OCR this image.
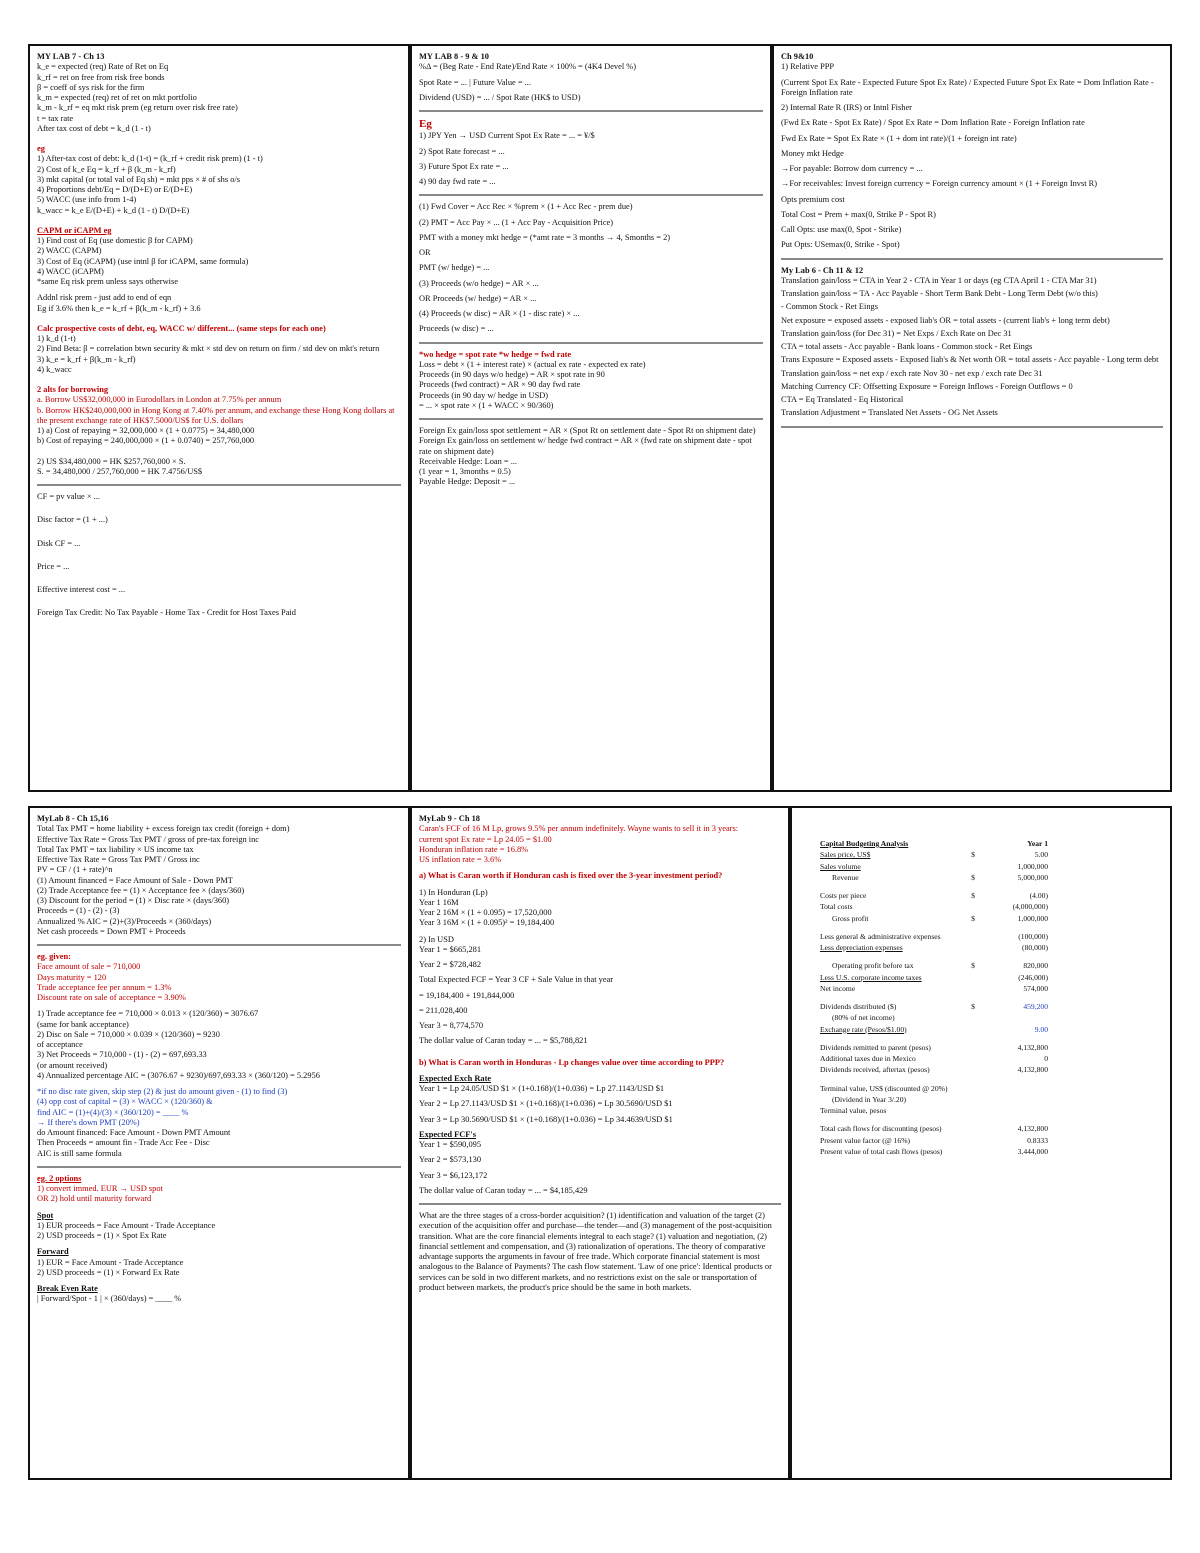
MY LAB 7 - Ch 13

k_e = expected (req) Rate of Ret on Eq

k_rf = ret on free from risk free bonds

β = coeff of sys risk for the firm

k_m = expected (req) ret of ret on mkt portfolio

k_m - k_rf = eq mkt risk prem (eg return over risk free rate)

t = tax rate

After tax cost of debt = k_d (1 - t)

eg

1) After-tax cost of debt: k_d (1-t) = (k_rf + credit risk prem) (1 - t)

2) Cost of k_e Eq = k_rf + β (k_m - k_rf)

3) mkt capital (or total val of Eq sh) = mkt pps × # of shs o/s

4) Proportions debt/Eq = D/(D+E) or E/(D+E)

5) WACC (use info from 1-4)

k_wacc = k_e E/(D+E) + k_d (1 - t) D/(D+E)

CAPM or iCAPM eg

1) Find cost of Eq (use domestic β for CAPM)

2) WACC (CAPM)

3) Cost of Eq (iCAPM) (use intnl β for iCAPM, same formula)

4) WACC (iCAPM)

*same Eq risk prem unless says otherwise

Addnl risk prem - just add to end of eqn

Eg if 3.6% then k_e = k_rf + β(k_m - k_rf) + 3.6

Calc prospective costs of debt, eq, WACC w/ different... (same steps for each one)

1) k_d (1-t)

2) Find Beta: β = correlation btwn security & mkt × std dev on return on firm / std dev on mkt's return

3) k_e = k_rf + β(k_m - k_rf)

4) k_wacc

2 alts for borrowing

a. Borrow US$32,000,000 in Eurodollars in London at 7.75% per annum

b. Borrow HK$240,000,000 in Hong Kong at 7.40% per annum, and exchange these Hong Kong dollars at the present exchange rate of HK$7.5000/US$ for U.S. dollars

1) a) Cost of repaying = 32,000,000 × (1 + 0.0775) = 34,480,000

b) Cost of repaying = 240,000,000 × (1 + 0.0740) = 257,760,000

2) US $34,480,000 = HK $257,760,000 × S.

S. = 34,480,000 / 257,760,000 = HK 7.4756/US$

CF = pv value × ...

Disc factor = (1 + ...)

Disk CF = ...

Price = ...

Effective interest cost = ...

Foreign Tax Credit: No Tax Payable - Home Tax - Credit for Host Taxes Paid

MY LAB 8 - 9 & 10

%Δ = (Beg Rate - End Rate)/End Rate × 100% = (4K4 Devel %)

Spot Rate = ... | Future Value = ...

Dividend (USD) = ... / Spot Rate (HK$ to USD)

Eg

1) JPY Yen → USD Current Spot Ex Rate = ... = ¥/$

2) Spot Rate forecast = ...

3) Future Spot Ex rate = ...

4) 90 day fwd rate = ...

(1) Fwd Cover = Acc Rec × %prem × (1 + Acc Rec - prem due)

(2) PMT = Acc Pay × ... (1 + Acc Pay - Acquisition Price)

PMT with a money mkt hedge = (*amt rate = 3 months → 4, Smonths = 2)

OR

PMT (w/ hedge) = ...

(3) Proceeds (w/o hedge) = AR × ...

OR Proceeds (w/ hedge) = AR × ...

(4) Proceeds (w disc) = AR × (1 - disc rate) × ...

Proceeds (w disc) = ...

*wo hedge = spot rate *w hedge = fwd rate

Loss = debt × (1 + interest rate) × (actual ex rate - expected ex rate)

Proceeds (in 90 days w/o hedge) = AR × spot rate in 90

Proceeds (fwd contract) = AR × 90 day fwd rate

Proceeds (in 90 day w/ hedge in USD)

= ... × spot rate × (1 + WACC × 90/360)

Foreign Ex gain/loss spot settlement = AR × (Spot Rt on settlement date - Spot Rt on shipment date)

Foreign Ex gain/loss on settlement w/ hedge fwd contract = AR × (fwd rate on shipment date - spot rate on shipment date)

Receivable Hedge: Loan = ...

(1 year = 1, 3months = 0.5)

Payable Hedge: Deposit = ...

Ch 9&10

1) Relative PPP

(Current Spot Ex Rate - Expected Future Spot Ex Rate) / Expected Future Spot Ex Rate = Dom Inflation Rate - Foreign Inflation rate

2) Internal Rate R (IRS) or Intnl Fisher

(Fwd Ex Rate - Spot Ex Rate) / Spot Ex Rate = Dom Inflation Rate - Foreign Inflation rate

Fwd Ex Rate = Spot Ex Rate × (1 + dom int rate)/(1 + foreign int rate)

Money mkt Hedge

→For payable: Borrow dom currency = ...

→For receivables: Invest foreign currency = Foreign currency amount × (1 + Foreign Invst R)

Opts premium cost

Total Cost = Prem + max(0, Strike P - Spot R)

Call Opts: use max(0, Spot - Strike)

Put Opts: USemax(0, Strike - Spot)

My Lab 6 - Ch 11 & 12

Translation gain/loss = CTA in Year 2 - CTA in Year 1 or days (eg CTA April 1 - CTA Mar 31)

Translation gain/loss = TA - Acc Payable - Short Term Bank Debt - Long Term Debt (w/o this)

- Common Stock - Ret Eings

Net exposure = exposed assets - exposed liab's OR = total assets - (current liab's + long term debt)

Translation gain/loss (for Dec 31) = Net Exps / Exch Rate on Dec 31

CTA = total assets - Acc payable - Bank loans - Common stock - Ret Eings

Trans Exposure = Exposed assets - Exposed liab's & Net worth OR = total assets - Acc payable - Long term debt

Translation gain/loss = net exp / exch rate Nov 30 - net exp / exch rate Dec 31

Matching Currency CF: Offsetting Exposure = Foreign Inflows - Foreign Outflows = 0

CTA = Eq Translated - Eq Historical

Translation Adjustment = Translated Net Assets - OG Net Assets

MyLab 8 - Ch 15,16

Total Tax PMT = home liability + excess foreign tax credit (foreign + dom)

Effective Tax Rate = Gross Tax PMT / gross of pre-tax foreign inc

Total Tax PMT = tax liability × US income tax

Effective Tax Rate = Gross Tax PMT / Gross inc

PV = CF / (1 + rate)^n

(1) Amount financed = Face Amount of Sale - Down PMT

(2) Trade Acceptance fee = (1) × Acceptance fee × (days/360)

(3) Discount for the period = (1) × Disc rate × (days/360)

Proceeds = (1) - (2) - (3)

Annualized % AIC = (2)+(3)/Proceeds × (360/days)

Net cash proceeds = Down PMT + Proceeds

eg. given:

Face amount of sale = 710,000

Days maturity = 120

Trade acceptance fee per annum = 1.3%

Discount rate on sale of acceptance = 3.90%

1) Trade acceptance fee = 710,000 × 0.013 × (120/360) = 3076.67

(same for bank acceptance)

2) Disc on Sale = 710,000 × 0.039 × (120/360) = 9230

of acceptance

3) Net Proceeds = 710,000 - (1) - (2) = 697,693.33

(or amount received)

4) Annualized percentage AIC = (3076.67 + 9230)/697,693.33 × (360/120) = 5.2956

*if no disc rate given, skip step (2) & just do amount given - (1) to find (3)

(4) opp cost of capital = (3) × WACC × (120/360) &

find AIC = (1)+(4)/(3) × (360/120) = ____ %

→ If there's down PMT (20%)

do Amount financed: Face Amount - Down PMT Amount

Then Proceeds = amount fin - Trade Acc Fee - Disc

AIC is still same formula

eg. 2 options

1) convert immed. EUR → USD spot

OR 2) hold until maturity forward

Spot

1) EUR proceeds = Face Amount - Trade Acceptance

2) USD proceeds = (1) × Spot Ex Rate

Forward

1) EUR = Face Amount - Trade Acceptance

2) USD proceeds = (1) × Forward Ex Rate

Break Even Rate

| Forward/Spot - 1 | × (360/days) = ____ %

MyLab 9 - Ch 18

Caran's FCF of 16 M Lp, grows 9.5% per annum indefinitely. Wayne wants to sell it in 3 years:

current spot Ex rate = Lp 24.05 = $1.00

Honduran inflation rate = 16.8%

US inflation rate = 3.6%

a) What is Caran worth if Honduran cash is fixed over the 3-year investment period?

1) In Honduran (Lp)

Year 1 16M

Year 2 16M × (1 + 0.095) = 17,520,000

Year 3 16M × (1 + 0.095)² = 19,184,400

2) In USD

Year 1 = $665,281

Year 2 = $728,482

Total Expected FCF = Year 3 CF + Sale Value in that year

= 19,184,400 + 191,844,000

= 211,028,400

Year 3 = 8,774,570

The dollar value of Caran today = ... = $5,788,821

b) What is Caran worth in Honduras - Lp changes value over time according to PPP?

Expected Exch Rate

Year 1 = Lp 24.05/USD $1 × (1+0.168)/(1+0.036) = Lp 27.1143/USD $1

Year 2 = Lp 27.1143/USD $1 × (1+0.168)/(1+0.036) = Lp 30.5690/USD $1

Year 3 = Lp 30.5690/USD $1 × (1+0.168)/(1+0.036) = Lp 34.4639/USD $1

Expected FCF's

Year 1 = $590,095

Year 2 = $573,130

Year 3 = $6,123,172

The dollar value of Caran today = ... = $4,185,429

What are the three stages of a cross-border acquisition? (1) identification and valuation of the target (2) execution of the acquisition offer and purchase—the tender—and (3) management of the post-acquisition transition. What are the core financial elements integral to each stage? (1) valuation and negotiation, (2) financial settlement and compensation, and (3) rationalization of operations. The theory of comparative advantage supports the arguments in favour of free trade. Which corporate financial statement is most analogous to the Balance of Payments? The cash flow statement. 'Law of one price': Identical products or services can be sold in two different markets, and no restrictions exist on the sale or transportation of product between markets, the product's price should be the same in both markets.

Capital Budgeting Analysis		Year 1
Sales price, US$	$	5.00
Sales volume		1,000,000
Revenue	$	5,000,000
Costs per piece	$	(4.00)
Total costs		(4,000,000)
Gross profit	$	1,000,000
Less general & administrative expenses		(100,000)
Less depreciation expenses		(80,000)
Operating profit before tax	$	820,000
Less U.S. corporate income taxes		(246,000)
Net income		574,000
Dividends distributed ($)	$	459,200
(80% of net income)		
Exchange rate (Pesos/$1.00)		9.00
Dividends remitted to parent (pesos)		4,132,800
Additional taxes due in Mexico		0
Dividends received, aftertax (pesos)		4,132,800
Terminal value, US$ (discounted @ 20%)		
(Dividend in Year 3/.20)		
Terminal value, pesos		
Total cash flows for discounting (pesos)		4,132,800
Present value factor (@ 16%)		0.8333
Present value of total cash flows (pesos)		3,444,000
